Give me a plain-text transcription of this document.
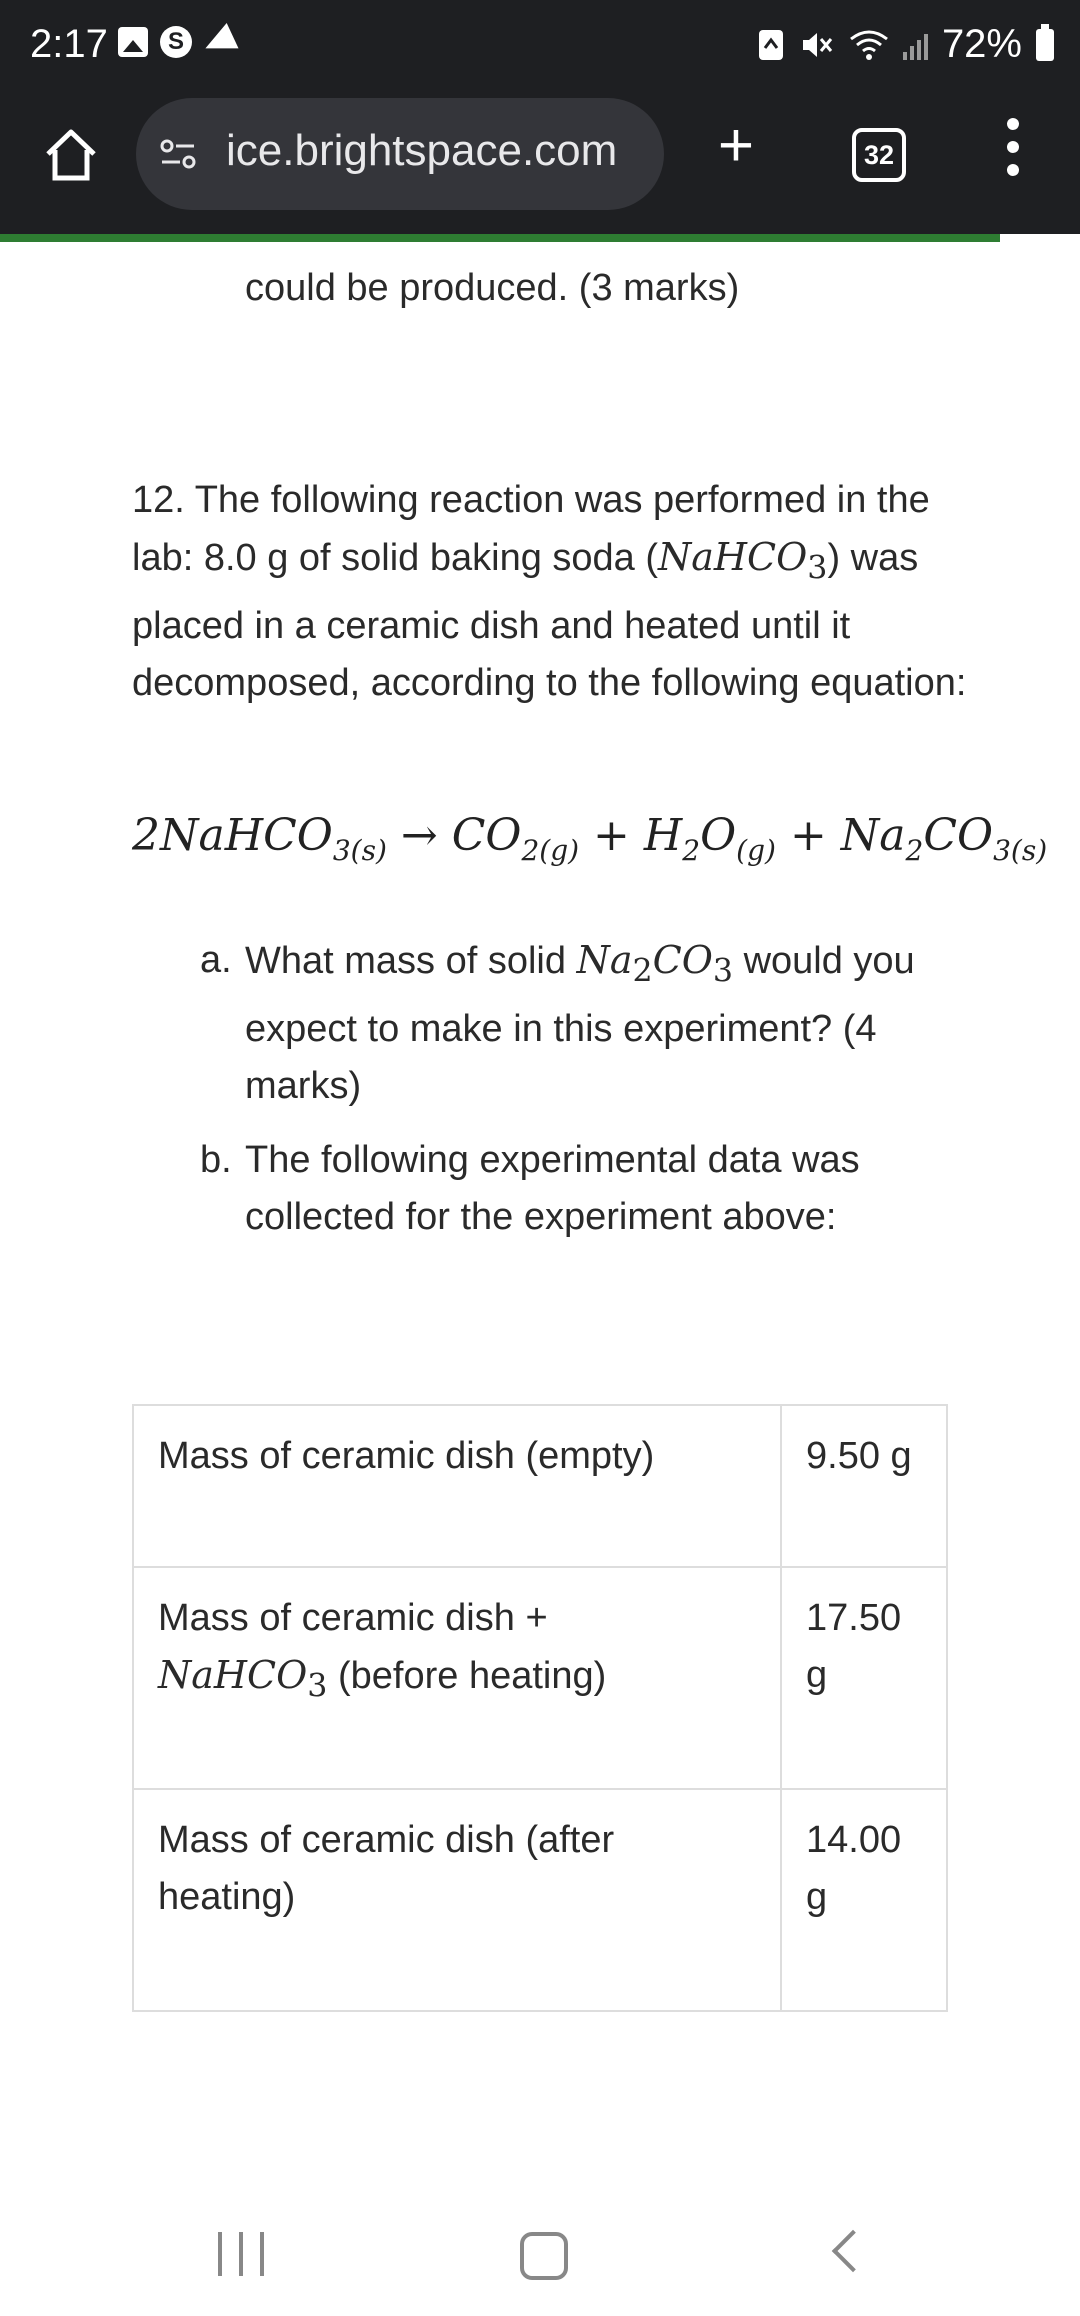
2:17	S	72%
ice.brightspace.com +	32
could be produced. (3 marks)
12. The following reaction was performed in the lab: 8.0 g of solid baking soda (NaHCO$_3$) was placed in a ceramic dish and heated until it decomposed, according to the following equation:
2NaHCO$_{3(s)}$ → $CO_{2(g)} + H_2O_{(g)} + Na_2CO_{3(s)}$
a. What mass of solid $Na_2CO_3$ would you expect to make in this experiment? (4 marks)
b. The following experimental data was collected for the experiment above:
Mass of ceramic dish (empty)	9.50 g
Mass of ceramic dish +
NaHCO$_3$ (before heating)	17.50 g
Mass of ceramic dish (after heating)	14.00 g
